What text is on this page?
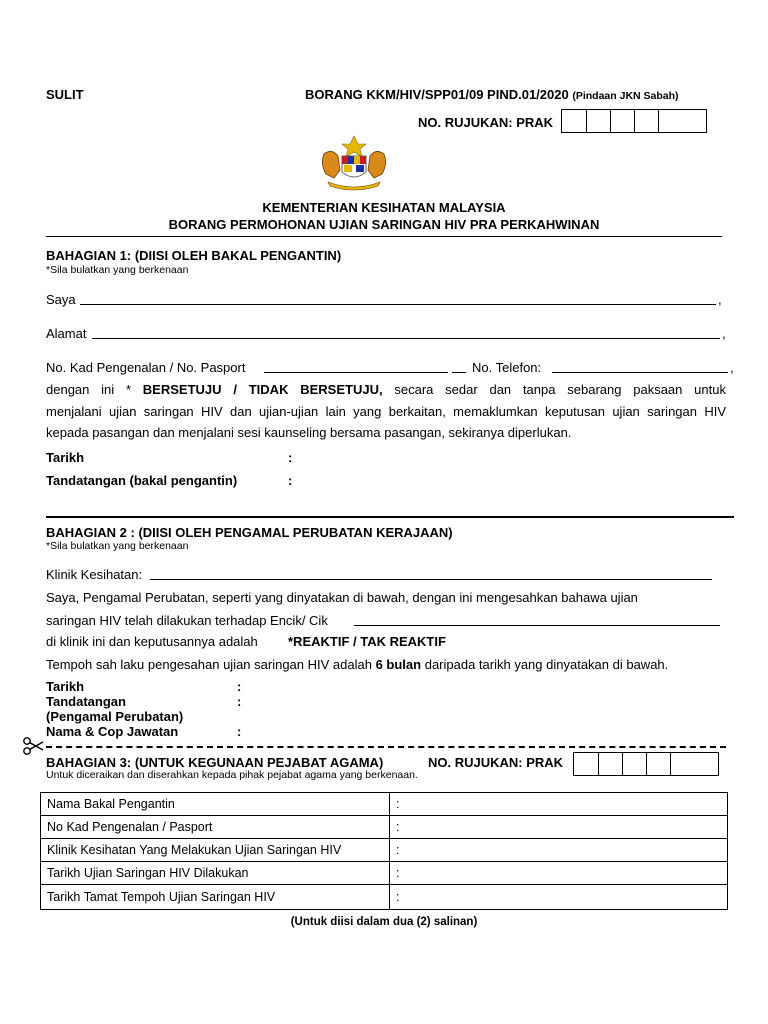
SULIT	BORANG KKM/HIV/SPP01/09 PIND.01/2020 (Pindaan JKN Sabah)
NO. RUJUKAN: PRAK
KEMENTERIAN KESIHATAN MALAYSIA
BORANG PERMOHONAN UJIAN SARINGAN HIV PRA PERKAHWINAN
BAHAGIAN 1: (DIISI OLEH BAKAL PENGANTIN)
*Sila bulatkan yang berkenaan
Saya	,
Alamat	,
No. Kad Pengenalan / No. Pasport	No. Telefon:	,
dengan ini * BERSETUJU / TIDAK BERSETUJU, secara sedar dan tanpa sebarang paksaan untuk
menjalani ujian saringan HIV dan ujian-ujian lain yang berkaitan, memaklumkan keputusan ujian saringan HIV
kepada pasangan dan menjalani sesi kaunseling bersama pasangan, sekiranya diperlukan.
Tarikh	:
Tandatangan (bakal pengantin)	:
BAHAGIAN 2 : (DIISI OLEH PENGAMAL PERUBATAN KERAJAAN)
*Sila bulatkan yang berkenaan
Klinik Kesihatan:
Saya, Pengamal Perubatan, seperti yang dinyatakan di bawah, dengan ini mengesahkan bahawa ujian
saringan HIV telah dilakukan terhadap Encik/ Cik
di klinik ini dan keputusannya adalah *REAKTIF / TAK REAKTIF
Tempoh sah laku pengesahan ujian saringan HIV adalah 6 bulan daripada tarikh yang dinyatakan di bawah.
Tarikh	:
Tandatangan	:
(Pengamal Perubatan)
Nama & Cop Jawatan	:
BAHAGIAN 3: (UNTUK KEGUNAAN PEJABAT AGAMA)	NO. RUJUKAN: PRAK
Untuk diceraikan dan diserahkan kepada pihak pejabat agama yang berkenaan.
Nama Bakal Pengantin	:
No Kad Pengenalan / Pasport	:
Klinik Kesihatan Yang Melakukan Ujian Saringan HIV	:
Tarikh Ujian Saringan HIV Dilakukan	:
Tarikh Tamat Tempoh Ujian Saringan HIV	:
(Untuk diisi dalam dua (2) salinan)
